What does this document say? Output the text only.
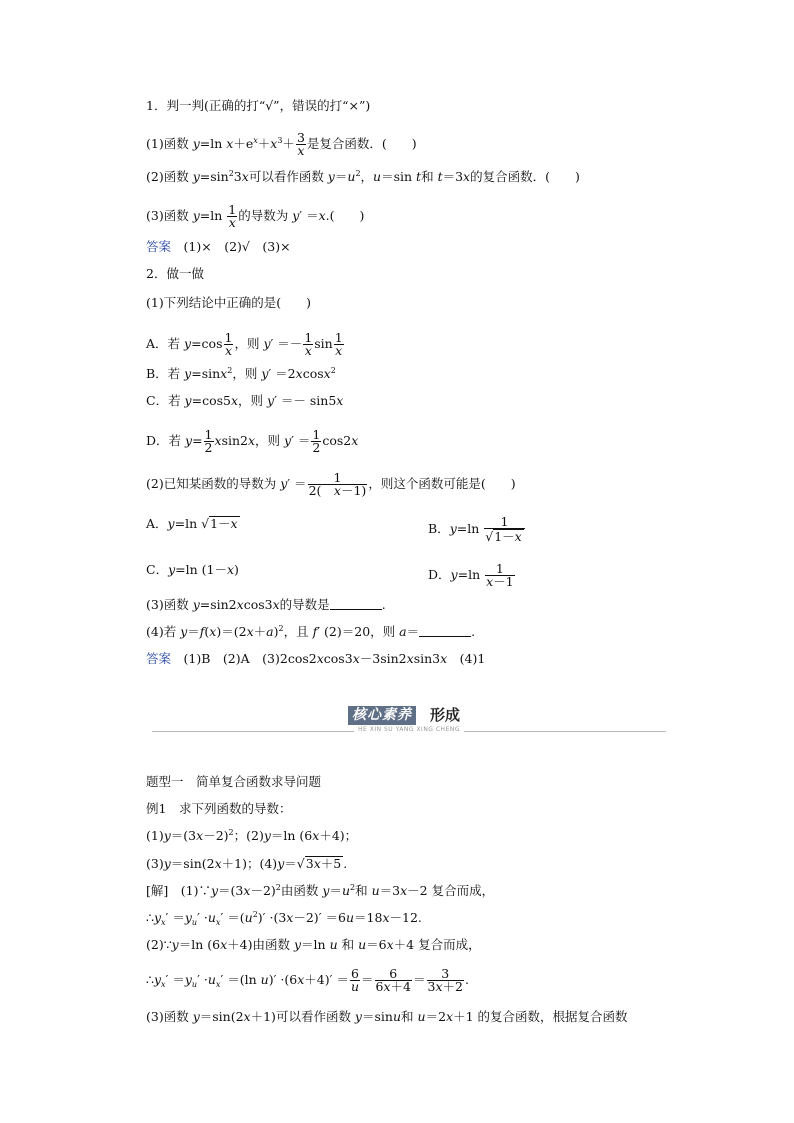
1．判一判(正确的打“√”，错误的打“×”)
(1)函数 y=ln $x+e^x+x^3+ \frac{3}{x}$ 是复合函数．(　　)
(2)函数 $y=\sin^23x$可以看作函数 $y=u^2$，u＝sin t和 t＝3x的复合函数．(　　)
(3)函数 $y=\ln \frac{1}{x}$ 的导数为 y′ ＝x.(　　)
答案　 (1)×　(2)√　(3)×
2．做一做
(1)下列结论中正确的是(　　)
A．若 $y=\cos \frac{1}{x}$ ，则 $y' =- \frac{1}{x}$ $\sin \frac{1}{x}$
B．若 y=sinx$^2$，则 y′ ＝2xcosx$^2$
C．若 y=cos5x，则 y′ ＝－ sin5x
D．若 $y= \frac{1}{2} xsin2x$，则 $y' = \frac{1}{2} \cos 2x$
(2)已知某函数的导数为 $y' = \frac{1}{2( x-1)}$ ，则这个函数可能是(　　)
A．y=ln √1－x	B．$y=\ln \frac{1}{√1-x}$
C．y=ln (1－x)	D．$y=\ln \frac{1}{x-1}$
(3)函数 y=sin2xcos3x的导数是	.
(4)若 $y=f(x)=(2x+a)^2$，且 f′ (2)＝20，则 a＝	.
答案　 (1)B　(2)A　(3)2cos2xcos3x－3sin2xsin3x　(4)1
HE XIN SU YANG XING CHENG
核心素养 形成
题型一　简单复合函数求导问题
例1　求下列函数的导数：
$(1)y=(3x-2)^2$；(2)y＝ln (6x＋4)；
(3)y＝sin(2x＋1)；(4)y＝√3x＋5 .
[解]　$(1)\because y=(3x-2)^2$由函数 $y=u^2$和 u＝3x－2 复合而成，
$\therefore y_x' =y_u' \cdot u_x' =(u^2)' \cdot(3x-2)' =6u=18x-12$.
(2)∵y＝ln (6x＋4)由函数 y＝ln u 和 u＝6x＋4 复合而成，
$\therefore y_x' =y_u' \cdot u_x' =(\ln$ $u)' \cdot(6x+4)' = \frac{6}{u} = \frac{6}{6x+4} = \frac{3}{3x+2}$ .
(3)函数 y＝sin(2x＋1)可以看作函数 y＝sinu和 u＝2x＋1 的复合函数，根据复合函数
